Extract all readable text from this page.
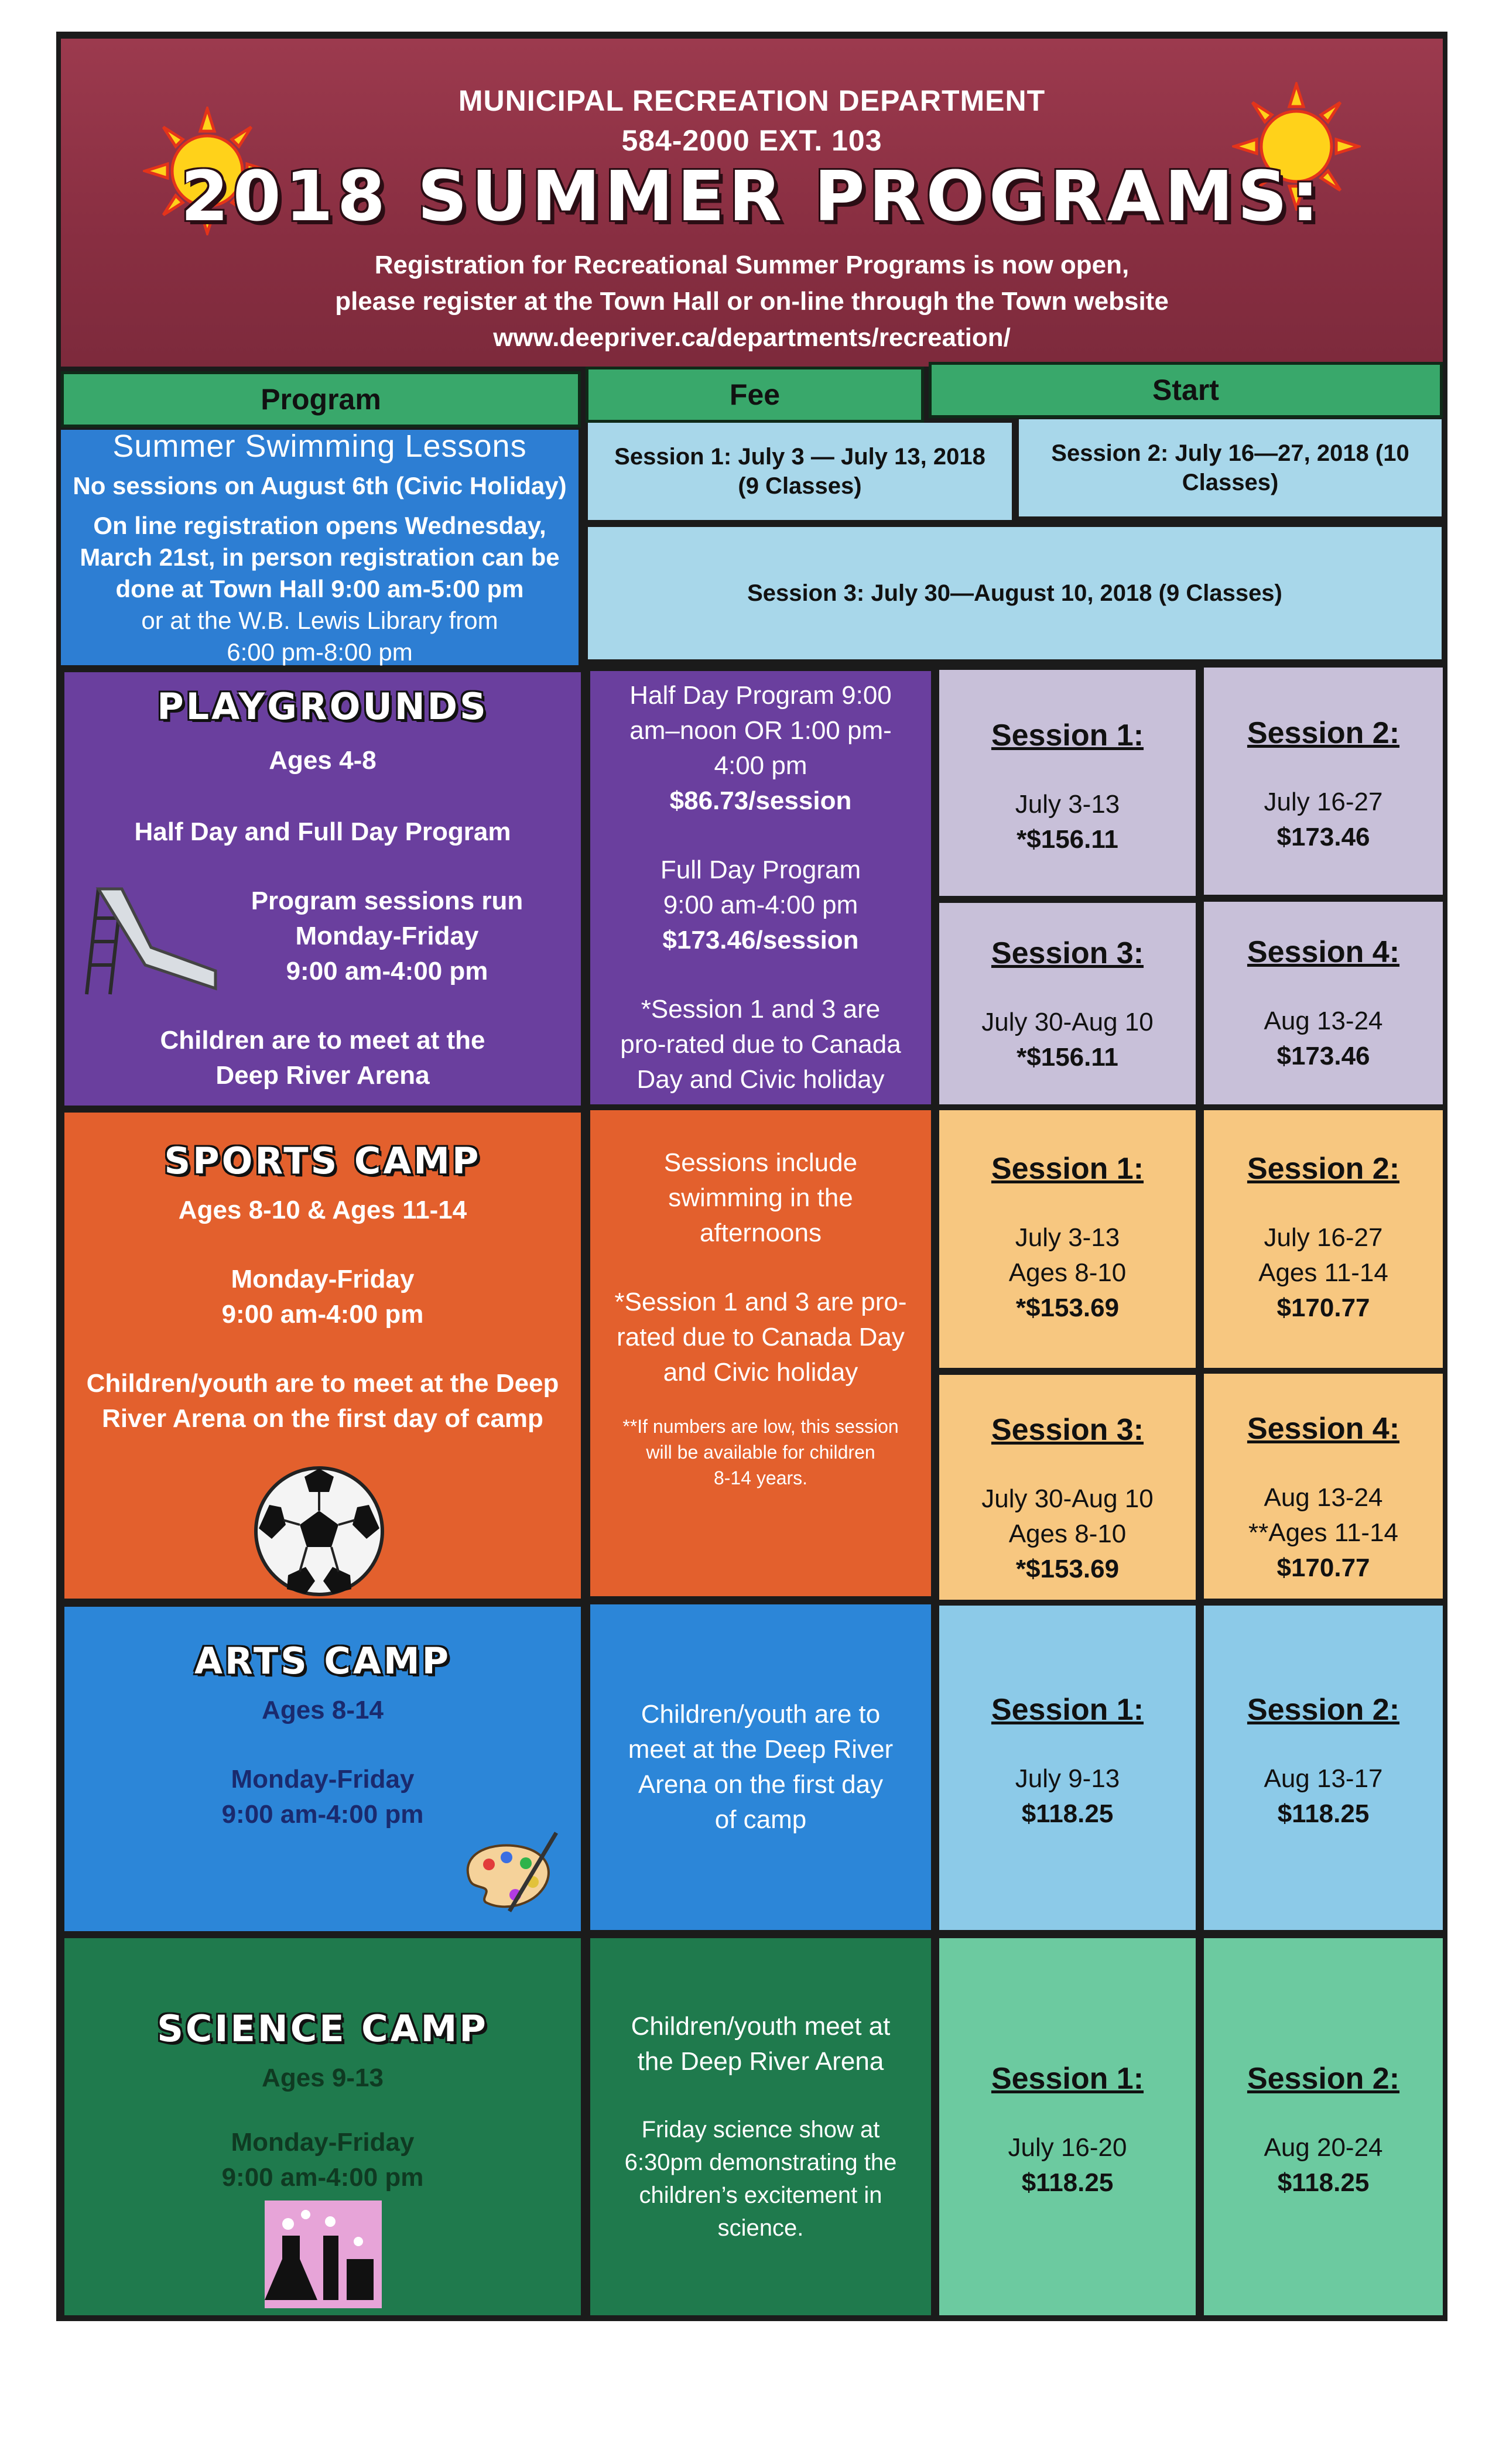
MUNICIPAL RECREATION DEPARTMENT
584-2000 EXT. 103
2018 SUMMER PROGRAMS:
Registration for Recreational Summer Programs is now open,
please register at the Town Hall or on-line through the Town website
www.deepriver.ca/departments/recreation/
Program	Fee	Start
Summer Swimming Lessons
No sessions on August 6th (Civic Holiday)
On line registration opens Wednesday,
March 21st, in person registration can be
done at Town Hall 9:00 am-5:00 pm
or at the W.B. Lewis Library from
6:00 pm-8:00 pm
Session 1: July 3 — July 13, 2018
(9 Classes)
Session 2: July 16—27, 2018 (10
Classes)
Session 3: July 30—August 10, 2018 (9 Classes)
PLAYGROUNDS
Ages 4-8
Half Day and Full Day Program
Program sessions run
Monday-Friday
9:00 am-4:00 pm
Children are to meet at the
Deep River Arena
Half Day Program 9:00
am–noon OR 1:00 pm-
4:00 pm
$86.73/session
Full Day Program
9:00 am-4:00 pm
$173.46/session
*Session 1 and 3 are
pro-rated due to Canada
Day and Civic holiday
Session 1:
July 3-13
*$156.11
Session 2:
July 16-27
$173.46
Session 3:
July 30-Aug 10
*$156.11
Session 4:
Aug 13-24
$173.46
SPORTS CAMP
Ages 8-10 & Ages 11-14
Monday-Friday
9:00 am-4:00 pm
Children/youth are to meet at the Deep
River Arena on the first day of camp
Sessions include
swimming in the
afternoons
*Session 1 and 3 are pro-
rated due to Canada Day
and Civic holiday
**If numbers are low, this session
will be available for children
8-14 years.
Session 1:
July 3-13
Ages 8-10
*$153.69
Session 2:
July 16-27
Ages 11-14
$170.77
Session 3:
July 30-Aug 10
Ages 8-10
*$153.69
Session 4:
Aug 13-24
**Ages 11-14
$170.77
ARTS CAMP
Ages 8-14
Monday-Friday
9:00 am-4:00 pm
Children/youth are to
meet at the Deep River
Arena on the first day
of camp
Session 1:
July 9-13
$118.25
Session 2:
Aug 13-17
$118.25
SCIENCE CAMP
Ages 9-13
Monday-Friday
9:00 am-4:00 pm
Children/youth meet at
the Deep River Arena
Friday science show at
6:30pm demonstrating the
children’s excitement in
science.
Session 1:
July 16-20
$118.25
Session 2:
Aug 20-24
$118.25
